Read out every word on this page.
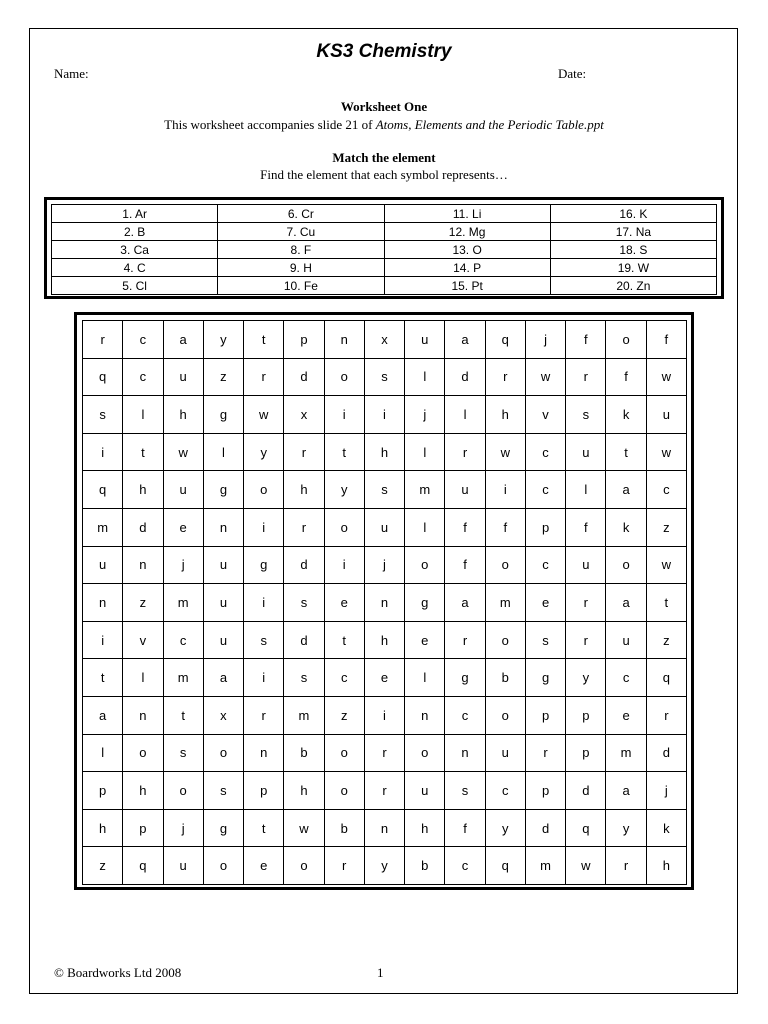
KS3 Chemistry
Name:	Date:
Worksheet One
This worksheet accompanies slide 21 of Atoms, Elements and the Periodic Table.ppt
Match the element
Find the element that each symbol represents…
1. Ar	6. Cr	11. Li	16. K
2. B	7. Cu	12. Mg	17. Na
3. Ca	8. F	13. O	18. S
4. C	9. H	14. P	19. W
5. Cl	10. Fe	15. Pt	20. Zn
r	c	a	y	t	p	n	x	u	a	q	j	f	o	f
q	c	u	z	r	d	o	s	l	d	r	w	r	f	w
s	l	h	g	w	x	i	i	j	l	h	v	s	k	u
i	t	w	l	y	r	t	h	l	r	w	c	u	t	w
q	h	u	g	o	h	y	s	m	u	i	c	l	a	c
m	d	e	n	i	r	o	u	l	f	f	p	f	k	z
u	n	j	u	g	d	i	j	o	f	o	c	u	o	w
n	z	m	u	i	s	e	n	g	a	m	e	r	a	t
i	v	c	u	s	d	t	h	e	r	o	s	r	u	z
t	l	m	a	i	s	c	e	l	g	b	g	y	c	q
a	n	t	x	r	m	z	i	n	c	o	p	p	e	r
l	o	s	o	n	b	o	r	o	n	u	r	p	m	d
p	h	o	s	p	h	o	r	u	s	c	p	d	a	j
h	p	j	g	t	w	b	n	h	f	y	d	q	y	k
z	q	u	o	e	o	r	y	b	c	q	m	w	r	h
© Boardworks Ltd 2008	1
